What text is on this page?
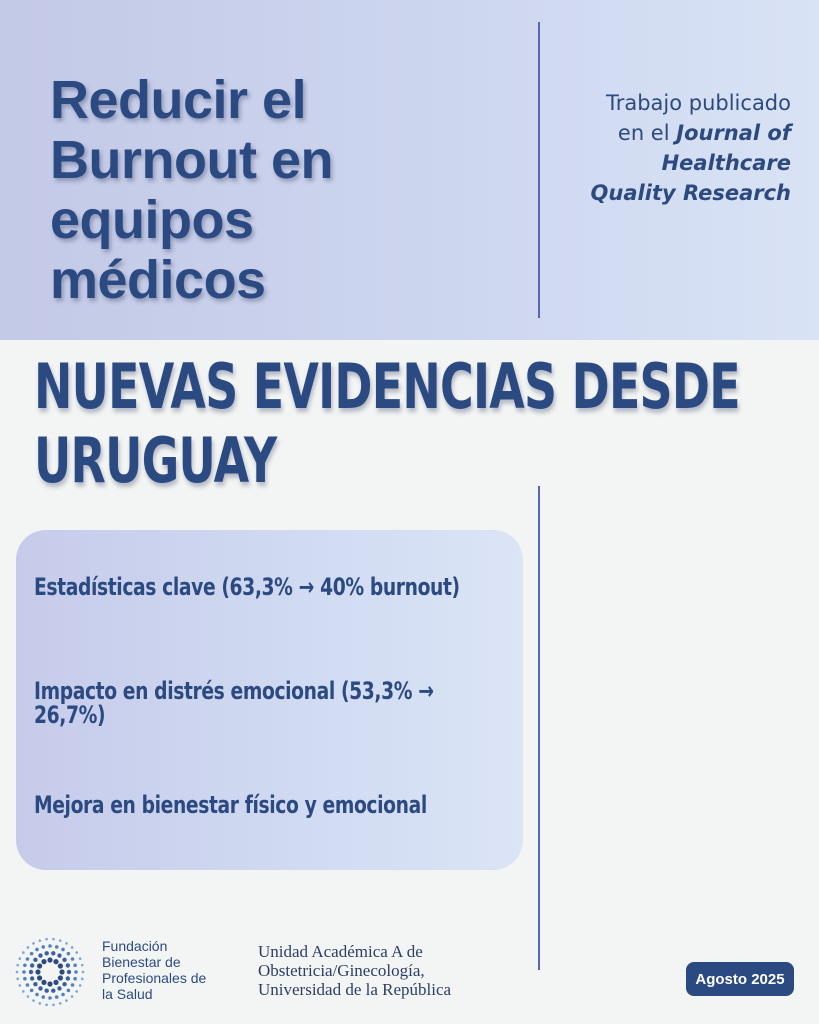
Reducir el
Burnout en
equipos
médicos
Trabajo publicado
en el Journal of
Healthcare
Quality Research
NUEVAS EVIDENCIAS DESDE
URUGUAY
Estadísticas clave (63,3% → 40% burnout)
Impacto en distrés emocional (53,3% →
26,7%)
Mejora en bienestar físico y emocional
Fundación
Bienestar de
Profesionales de
la Salud
Unidad Académica A de
Obstetricia/Ginecología,
Universidad de la República
Agosto 2025
